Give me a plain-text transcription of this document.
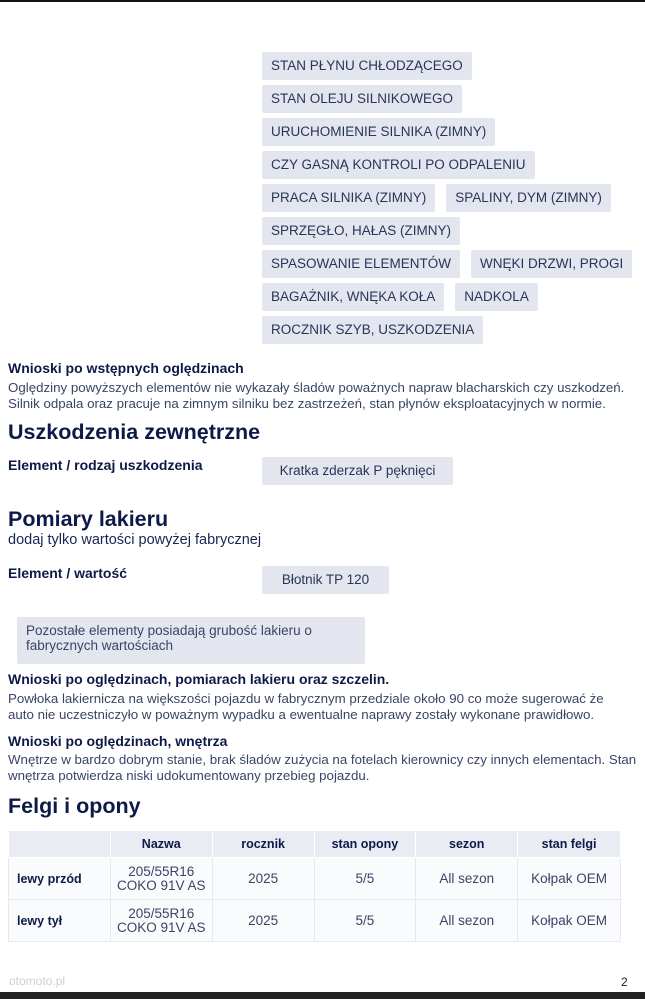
STAN PŁYNU CHŁODZĄCEGO
STAN OLEJU SILNIKOWEGO
URUCHOMIENIE SILNIKA (ZIMNY)
CZY GASNĄ KONTROLI PO ODPALENIU
PRACA SILNIKA (ZIMNY)	SPALINY, DYM (ZIMNY)
SPRZĘGŁO, HAŁAS (ZIMNY)
SPASOWANIE ELEMENTÓW	WNĘKI DRZWI, PROGI
BAGAŻNIK, WNĘKA KOŁA	NADKOLA
ROCZNIK SZYB, USZKODZENIA
Wnioski po wstępnych oględzinach
Oględziny powyższych elementów nie wykazały śladów poważnych napraw blacharskich czy uszkodzeń.
Silnik odpala oraz pracuje na zimnym silniku bez zastrzeżeń, stan płynów eksploatacyjnych w normie.
Uszkodzenia zewnętrzne
Element / rodzaj uszkodzenia	Kratka zderzak P pęknięci
Pomiary lakieru
dodaj tylko wartości powyżej fabrycznej
Element / wartość	Błotnik TP 120
Pozostałe elementy posiadają grubość lakieru o
fabrycznych wartościach
Wnioski po oględzinach, pomiarach lakieru oraz szczelin.
Powłoka lakiernicza na większości pojazdu w fabrycznym przedziale około 90 co może sugerować że
auto nie uczestniczyło w poważnym wypadku a ewentualne naprawy zostały wykonane prawidłowo.
Wnioski po oględzinach, wnętrza
Wnętrze w bardzo dobrym stanie, brak śladów zużycia na fotelach kierownicy czy innych elementach. Stan
wnętrza potwierdza niski udokumentowany przebieg pojazdu.
Felgi i opony
	Nazwa	rocznik	stan opony	sezon	stan felgi
lewy przód	205/55R16
COKO 91V AS	2025	5/5	All sezon	Kołpak OEM
lewy tył	205/55R16
COKO 91V AS	2025	5/5	All sezon	Kołpak OEM
otomoto.pl	2
